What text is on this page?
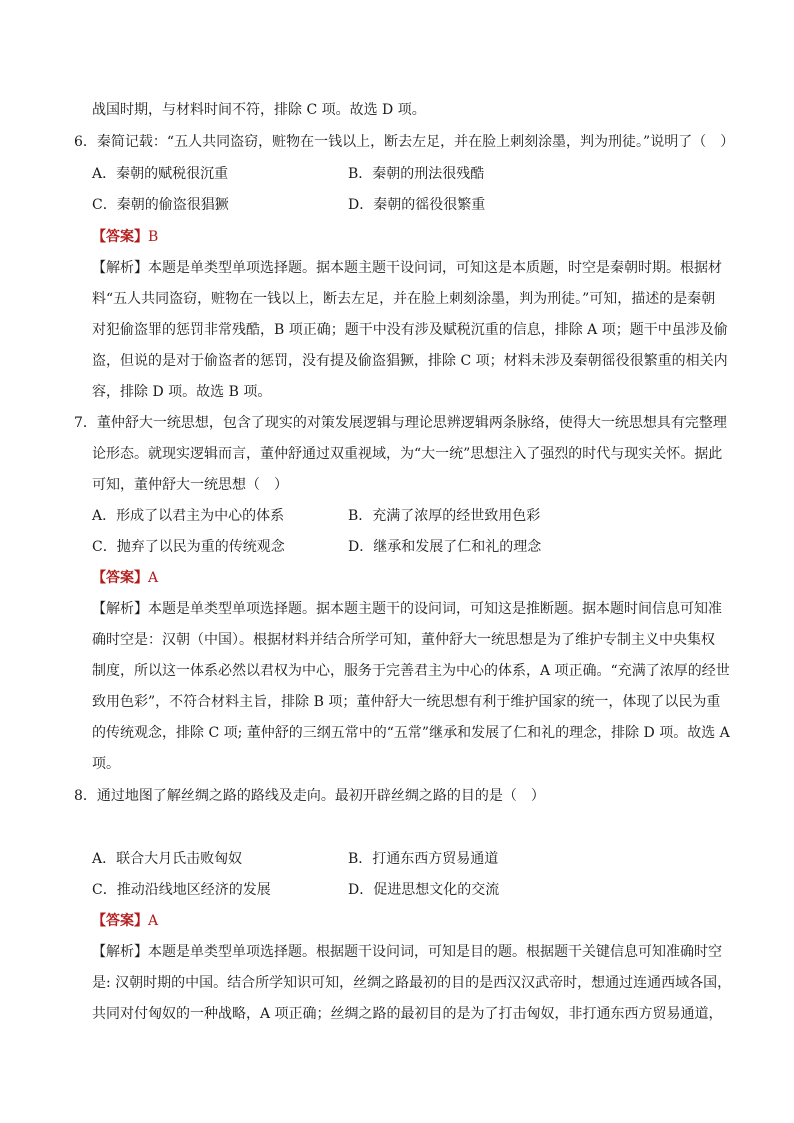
战国时期，与材料时间不符，排除 C 项。故选 D 项。
6．秦简记载：“五人共同盗窃，赃物在一钱以上，断去左足，并在脸上刺刻涂墨，判为刑徒。”说明了（　）
A．秦朝的赋税很沉重	B．秦朝的刑法很残酷
C．秦朝的偷盗很猖獗	D．秦朝的徭役很繁重
【答案】B
【解析】本题是单类型单项选择题。据本题主题干设问词，可知这是本质题，时空是秦朝时期。根据材
料“五人共同盗窃，赃物在一钱以上，断去左足，并在脸上刺刻涂墨，判为刑徒。”可知，描述的是秦朝
对犯偷盗罪的惩罚非常残酷，B 项正确；题干中没有涉及赋税沉重的信息，排除 A 项；题干中虽涉及偷
盗，但说的是对于偷盗者的惩罚，没有提及偷盗猖獗，排除 C 项；材料未涉及秦朝徭役很繁重的相关内
容，排除 D 项。故选 B 项。
7．董仲舒大一统思想，包含了现实的对策发展逻辑与理论思辨逻辑两条脉络，使得大一统思想具有完整理
论形态。就现实逻辑而言，董仲舒通过双重视域，为“大一统”思想注入了强烈的时代与现实关怀。据此
可知，董仲舒大一统思想（　）
A．形成了以君主为中心的体系	B．充满了浓厚的经世致用色彩
C．抛弃了以民为重的传统观念	D．继承和发展了仁和礼的理念
【答案】A
【解析】本题是单类型单项选择题。据本题主题干的设问词，可知这是推断题。据本题时间信息可知准
确时空是：汉朝（中国）。根据材料并结合所学可知，董仲舒大一统思想是为了维护专制主义中央集权
制度，所以这一体系必然以君权为中心，服务于完善君主为中心的体系，A 项正确。“充满了浓厚的经世
致用色彩”，不符合材料主旨，排除 B 项；董仲舒大一统思想有利于维护国家的统一，体现了以民为重
的传统观念，排除 C 项; 董仲舒的三纲五常中的“五常”继承和发展了仁和礼的理念，排除 D 项。故选 A
项。
8．通过地图了解丝绸之路的路线及走向。最初开辟丝绸之路的目的是（　）
A．联合大月氏击败匈奴	B．打通东西方贸易通道
C．推动沿线地区经济的发展	D．促进思想文化的交流
【答案】A
【解析】本题是单类型单项选择题。根据题干设问词，可知是目的题。根据题干关键信息可知准确时空
是: 汉朝时期的中国。结合所学知识可知，丝绸之路最初的目的是西汉汉武帝时，想通过连通西域各国，
共同对付匈奴的一种战略，A 项正确；丝绸之路的最初目的是为了打击匈奴，非打通东西方贸易通道，
